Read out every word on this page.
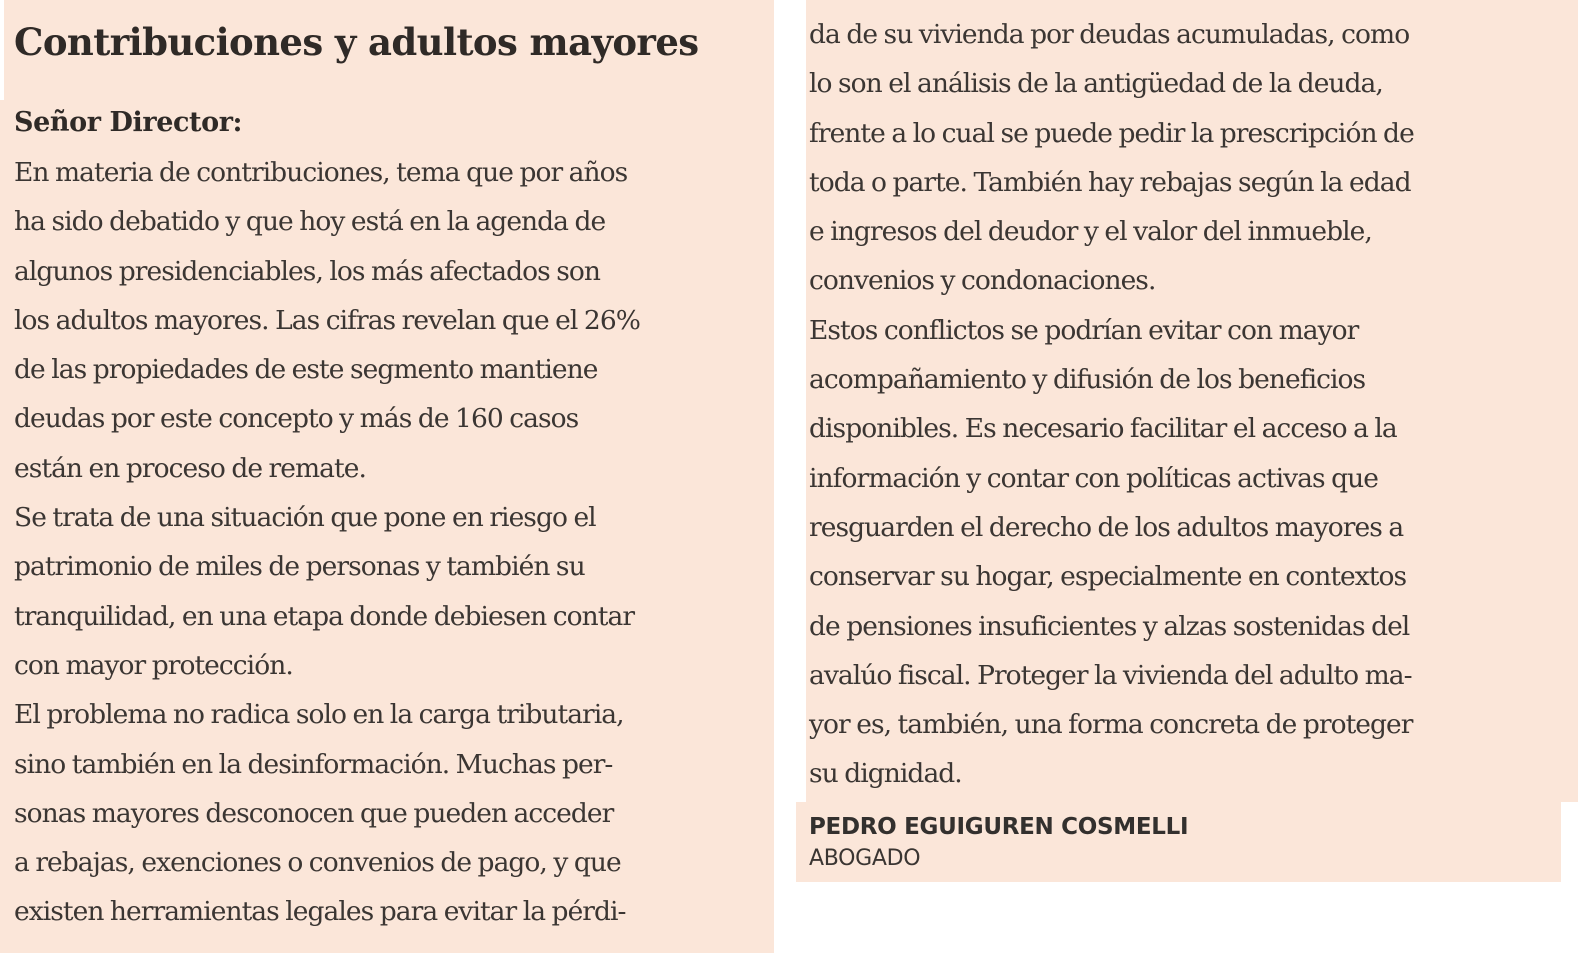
Contribuciones y adultos mayores
Señor Director:
En materia de contribuciones, tema que por años
ha sido debatido y que hoy está en la agenda de
algunos presidenciables, los más afectados son
los adultos mayores. Las cifras revelan que el 26%
de las propiedades de este segmento mantiene
deudas por este concepto y más de 160 casos
están en proceso de remate.
Se trata de una situación que pone en riesgo el
patrimonio de miles de personas y también su
tranquilidad, en una etapa donde debiesen contar
con mayor protección.
El problema no radica solo en la carga tributaria,
sino también en la desinformación. Muchas per-
sonas mayores desconocen que pueden acceder
a rebajas, exenciones o convenios de pago, y que
existen herramientas legales para evitar la pérdi-
da de su vivienda por deudas acumuladas, como
lo son el análisis de la antigüedad de la deuda,
frente a lo cual se puede pedir la prescripción de
toda o parte. También hay rebajas según la edad
e ingresos del deudor y el valor del inmueble,
convenios y condonaciones.
Estos conflictos se podrían evitar con mayor
acompañamiento y difusión de los beneficios
disponibles. Es necesario facilitar el acceso a la
información y contar con políticas activas que
resguarden el derecho de los adultos mayores a
conservar su hogar, especialmente en contextos
de pensiones insuficientes y alzas sostenidas del
avalúo fiscal. Proteger la vivienda del adulto ma-
yor es, también, una forma concreta de proteger
su dignidad.

PEDRO EGUIGUREN COSMELLI

ABOGADO
